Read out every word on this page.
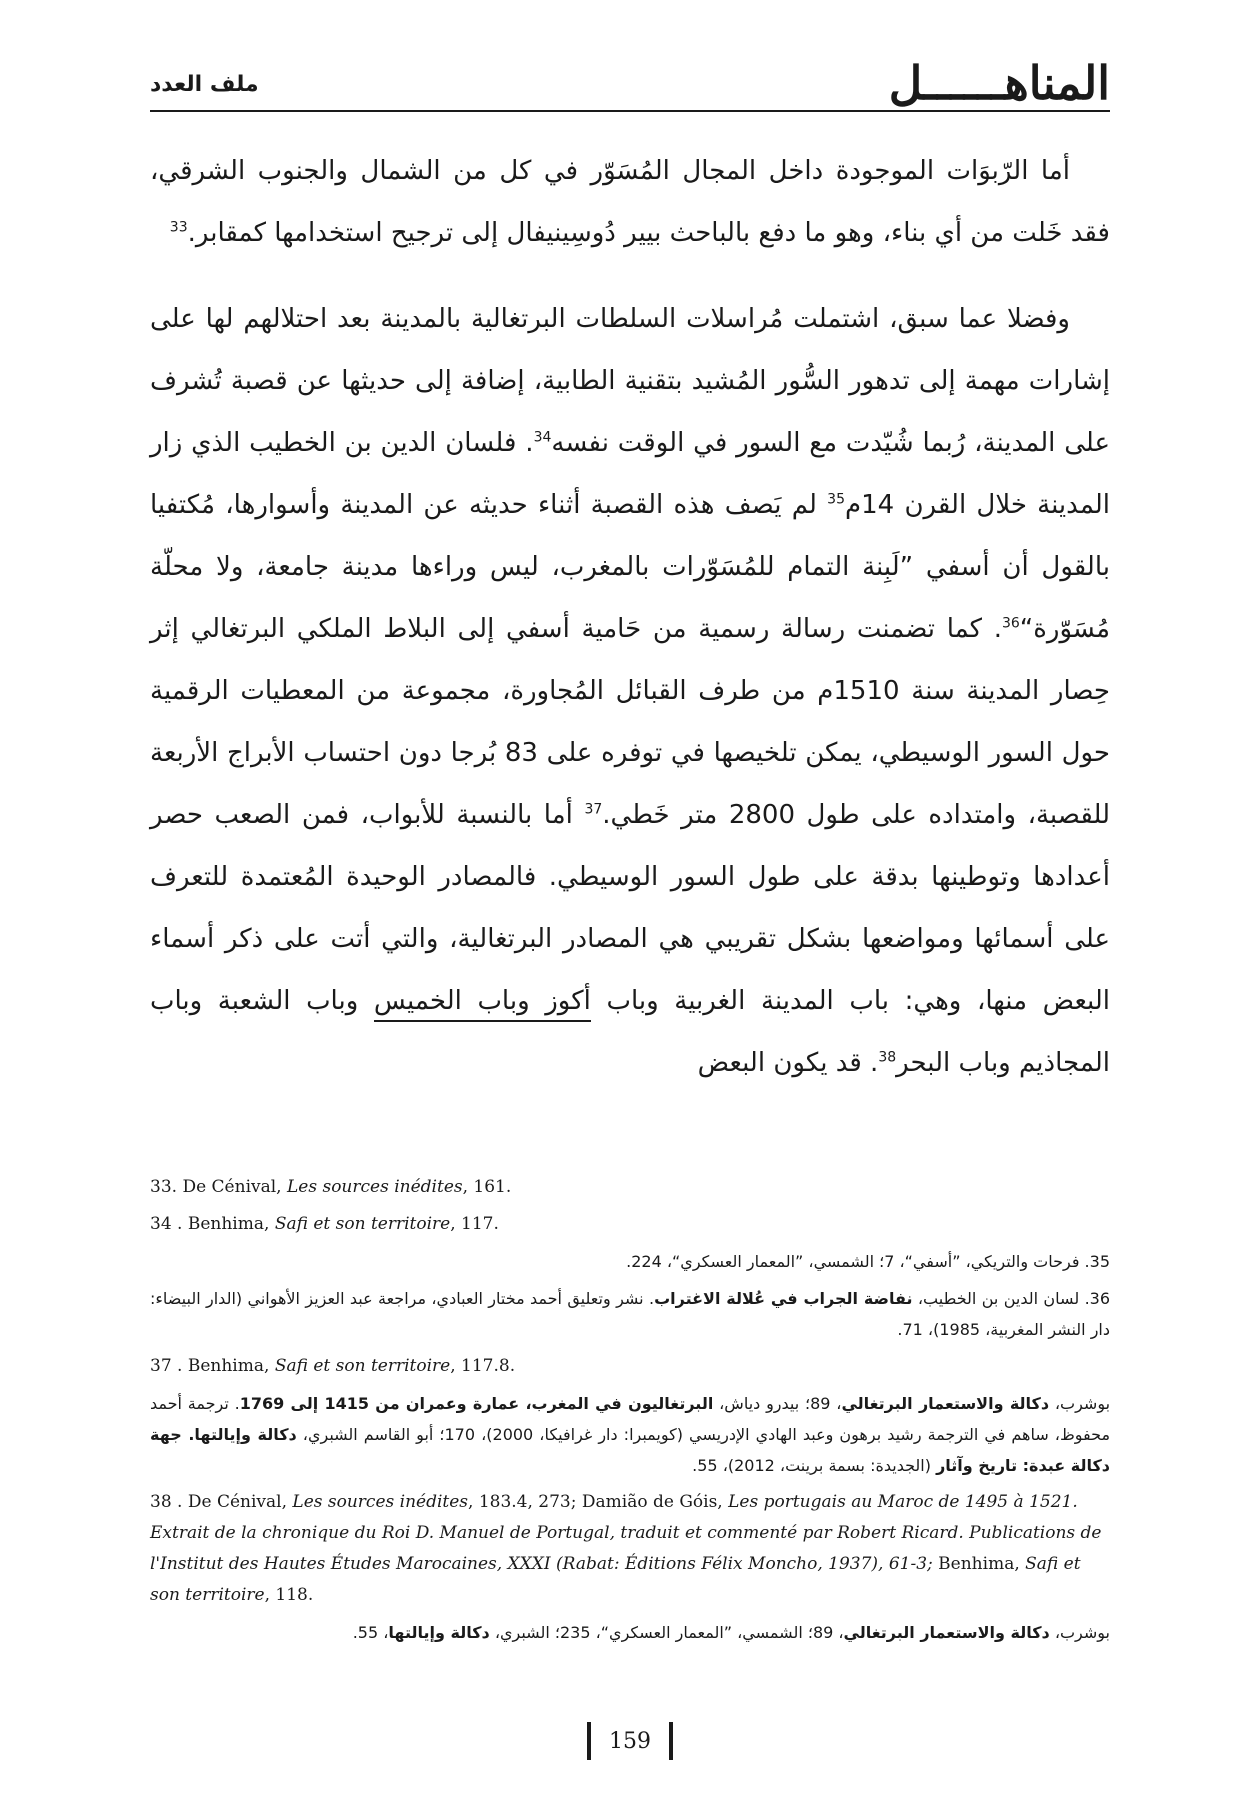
المناهــــــل
ملف العدد

أما الرّبوَات الموجودة داخل المجال المُسَوّر في كل من الشمال والجنوب الشرقي، فقد خَلت من أي بناء، وهو ما دفع بالباحث بيير دُوسِينيفال إلى ترجيح استخدامها كمقابر.$^{33}$

وفضلا عما سبق، اشتملت مُراسلات السلطات البرتغالية بالمدينة بعد احتلالهم لها على إشارات مهمة إلى تدهور السُّور المُشيد بتقنية الطابية، إضافة إلى حديثها عن قصبة تُشرف على المدينة، رُبما شُيّدت مع السور في الوقت نفسه$^{34}$. فلسان الدين بن الخطيب الذي زار المدينة خلال القرن 14م$^{35}$ لم يَصف هذه القصبة أثناء حديثه عن المدينة وأسوارها، مُكتفيا بالقول أن أسفي ”لَبِنة التمام للمُسَوّرات بالمغرب، ليس وراءها مدينة جامعة، ولا محلّة مُسَوّرة“$^{36}$. كما تضمنت رسالة رسمية من حَامية أسفي إلى البلاط الملكي البرتغالي إثر حِصار المدينة سنة 1510م من طرف القبائل المُجاورة، مجموعة من المعطيات الرقمية حول السور الوسيطي، يمكن تلخيصها في توفره على 83 بُرجا دون احتساب الأبراج الأربعة للقصبة، وامتداده على طول 2800 متر خَطي.$^{37}$ أما بالنسبة للأبواب، فمن الصعب حصر أعدادها وتوطينها بدقة على طول السور الوسيطي. فالمصادر الوحيدة المُعتمدة للتعرف على أسمائها ومواضعها بشكل تقريبي هي المصادر البرتغالية، والتي أتت على ذكر أسماء البعض منها، وهي: باب المدينة الغربية وباب أكوز وباب الخميس وباب الشعبة وباب المجاذيم وباب البحر$^{38}$. قد يكون البعض

33. De Cénival, Les sources inédites, 161.

34 . Benhima, Safi et son territoire, 117.

35. فرحات والتريكي، ”أسفي“، 7؛ الشمسي، ”المعمار العسكري“، 224.

36. لسان الدين بن الخطيب، نفاضة الجراب في عُلالة الاغتراب. نشر وتعليق أحمد مختار العبادي، مراجعة عبد العزيز الأهواني (الدار البيضاء: دار النشر المغربية، 1985)، 71.

37 . Benhima, Safi et son territoire, 117.8.

بوشرب، دكالة والاستعمار البرتغالي، 89؛ بيدرو دياش، البرتغاليون في المغرب، عمارة وعمران من 1415 إلى 1769. ترجمة أحمد محفوظ، ساهم في الترجمة رشيد برهون وعبد الهادي الإدريسي (كويمبرا: دار غرافيكا، 2000)، 170؛ أبو القاسم الشبري، دكالة وإيالتها. جهة دكالة عبدة: تاريخ وآثار (الجديدة: بسمة برينت، 2012)، 55.

38 . De Cénival, Les sources inédites, 183.4, 273; Damião de Góis, Les portugais au Maroc de 1495 à 1521. Extrait de la chronique du Roi D. Manuel de Portugal, traduit et commenté par Robert Ricard. Publications de l'Institut des Hautes Études Marocaines, XXXI (Rabat: Éditions Félix Moncho, 1937), 61-3; Benhima, Safi et son territoire, 118.

بوشرب، دكالة والاستعمار البرتغالي، 89؛ الشمسي، ”المعمار العسكري“، 235؛ الشبري، دكالة وإيالتها، 55.

159
